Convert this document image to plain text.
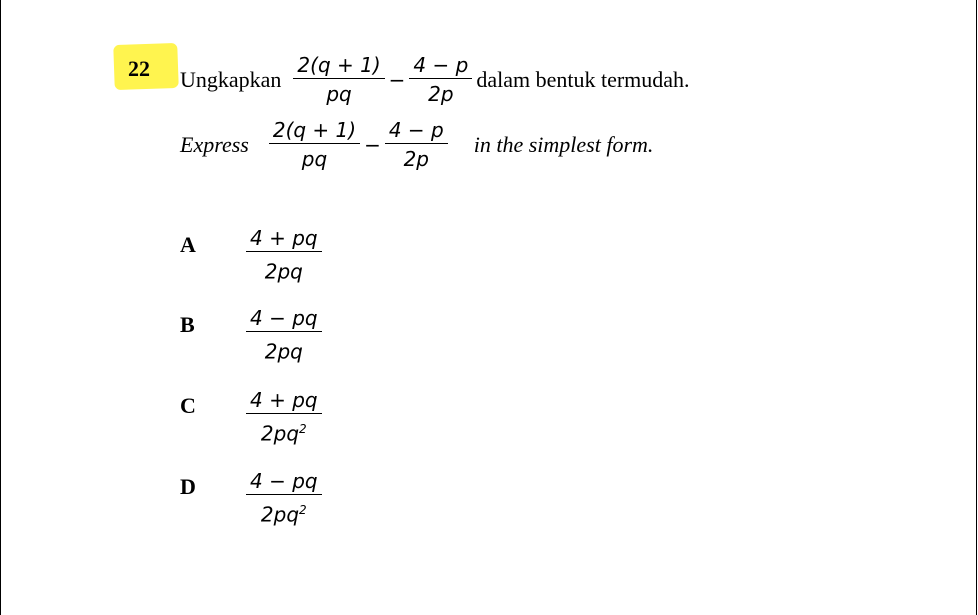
22 Ungkapkan $\frac{2(q + 1)}{pq} - \frac{4 - p}{2p}$ dalam bentuk termudah.
Express $\frac{2(q + 1)}{pq} - \frac{4 - p}{2p}$ in the simplest form.
A	$\frac{4 + pq}{2pq}$
B	$\frac{4 - pq}{2pq}$
C	$\frac{4 + pq}{2pq^2}$
D	$\frac{4 - pq}{2pq^2}$
